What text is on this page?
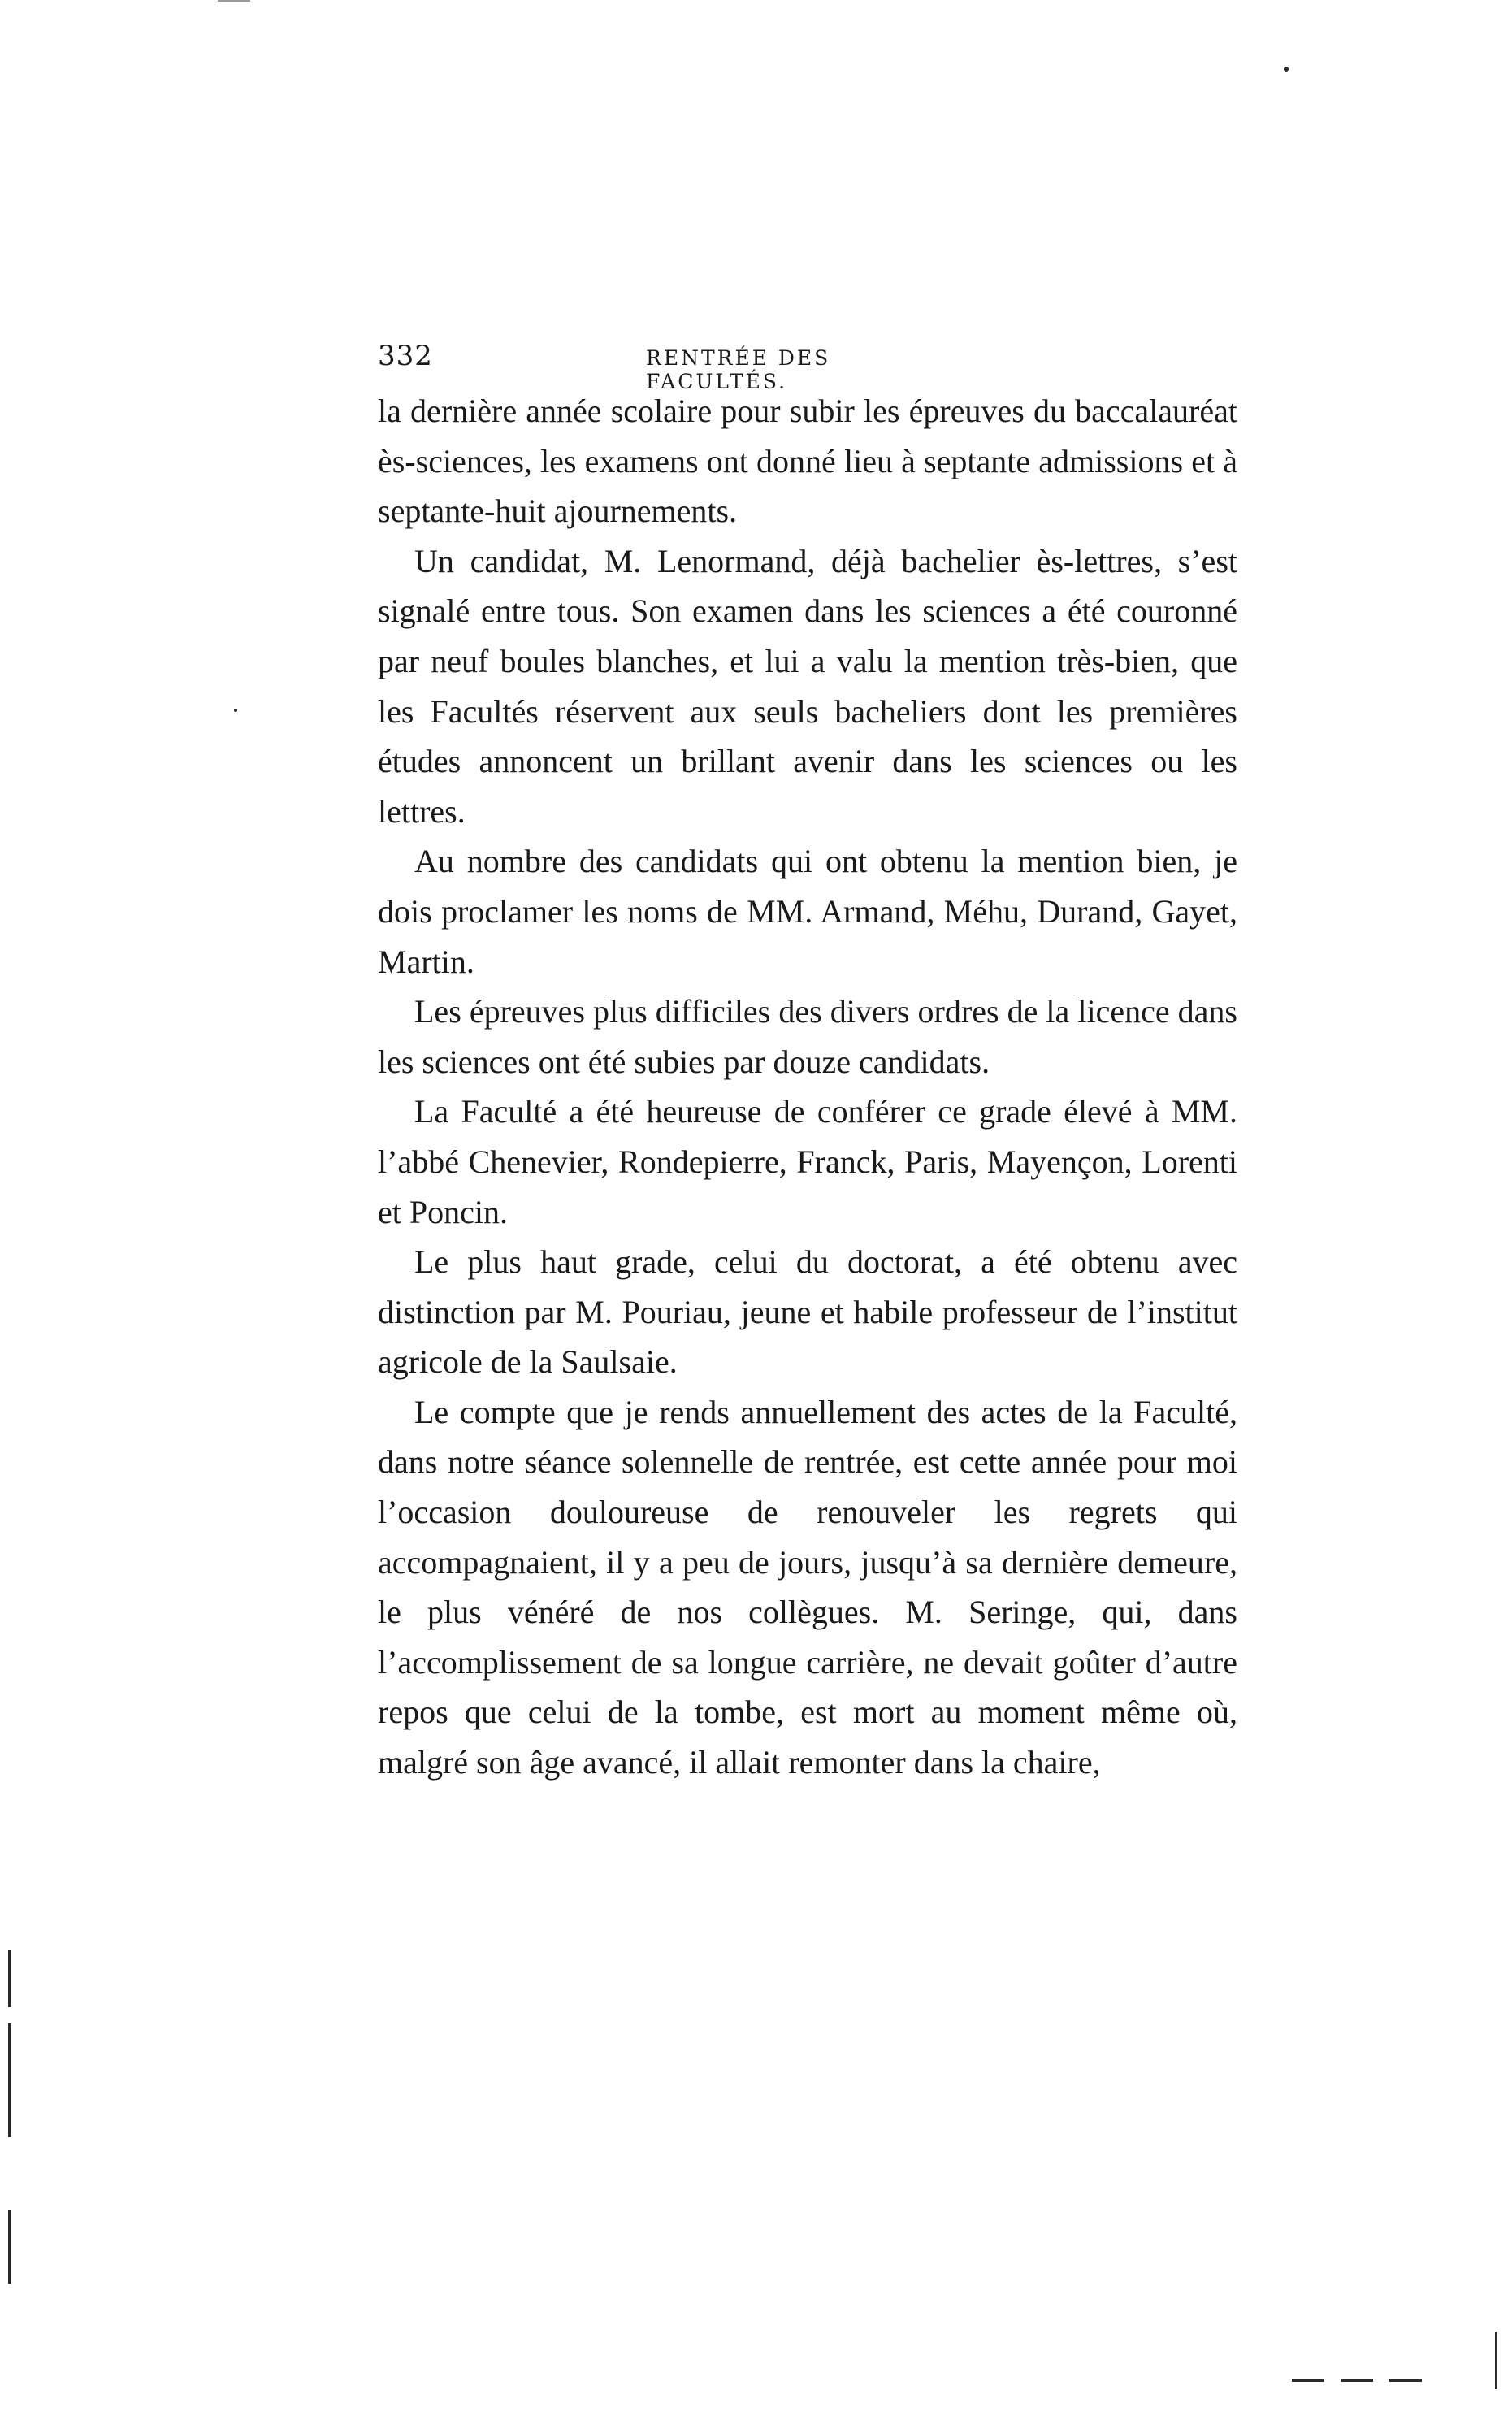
332	RENTRÉE DES FACULTÉS.

la dernière année scolaire pour subir les épreuves du baccalauréat ès-sciences, les examens ont donné lieu à septante admissions et à septante-huit ajournements.

Un candidat, M. Lenormand, déjà bachelier ès-lettres, s’est signalé entre tous. Son examen dans les sciences a été couronné par neuf boules blanches, et lui a valu la mention très-bien, que les Facultés réservent aux seuls bacheliers dont les premières études annoncent un brillant avenir dans les sciences ou les lettres.

Au nombre des candidats qui ont obtenu la mention bien, je dois proclamer les noms de MM. Armand, Méhu, Durand, Gayet, Martin.

Les épreuves plus difficiles des divers ordres de la licence dans les sciences ont été subies par douze candidats.

La Faculté a été heureuse de conférer ce grade élevé à MM. l’abbé Chenevier, Rondepierre, Franck, Paris, Mayençon, Lorenti et Poncin.

Le plus haut grade, celui du doctorat, a été obtenu avec distinction par M. Pouriau, jeune et habile professeur de l’institut agricole de la Saulsaie.

Le compte que je rends annuellement des actes de la Faculté, dans notre séance solennelle de rentrée, est cette année pour moi l’occasion douloureuse de renouveler les regrets qui accompagnaient, il y a peu de jours, jusqu’à sa dernière demeure, le plus vénéré de nos collègues. M. Seringe, qui, dans l’accomplissement de sa longue carrière, ne devait goûter d’autre repos que celui de la tombe, est mort au moment même où, malgré son âge avancé, il allait remonter dans la chaire,
